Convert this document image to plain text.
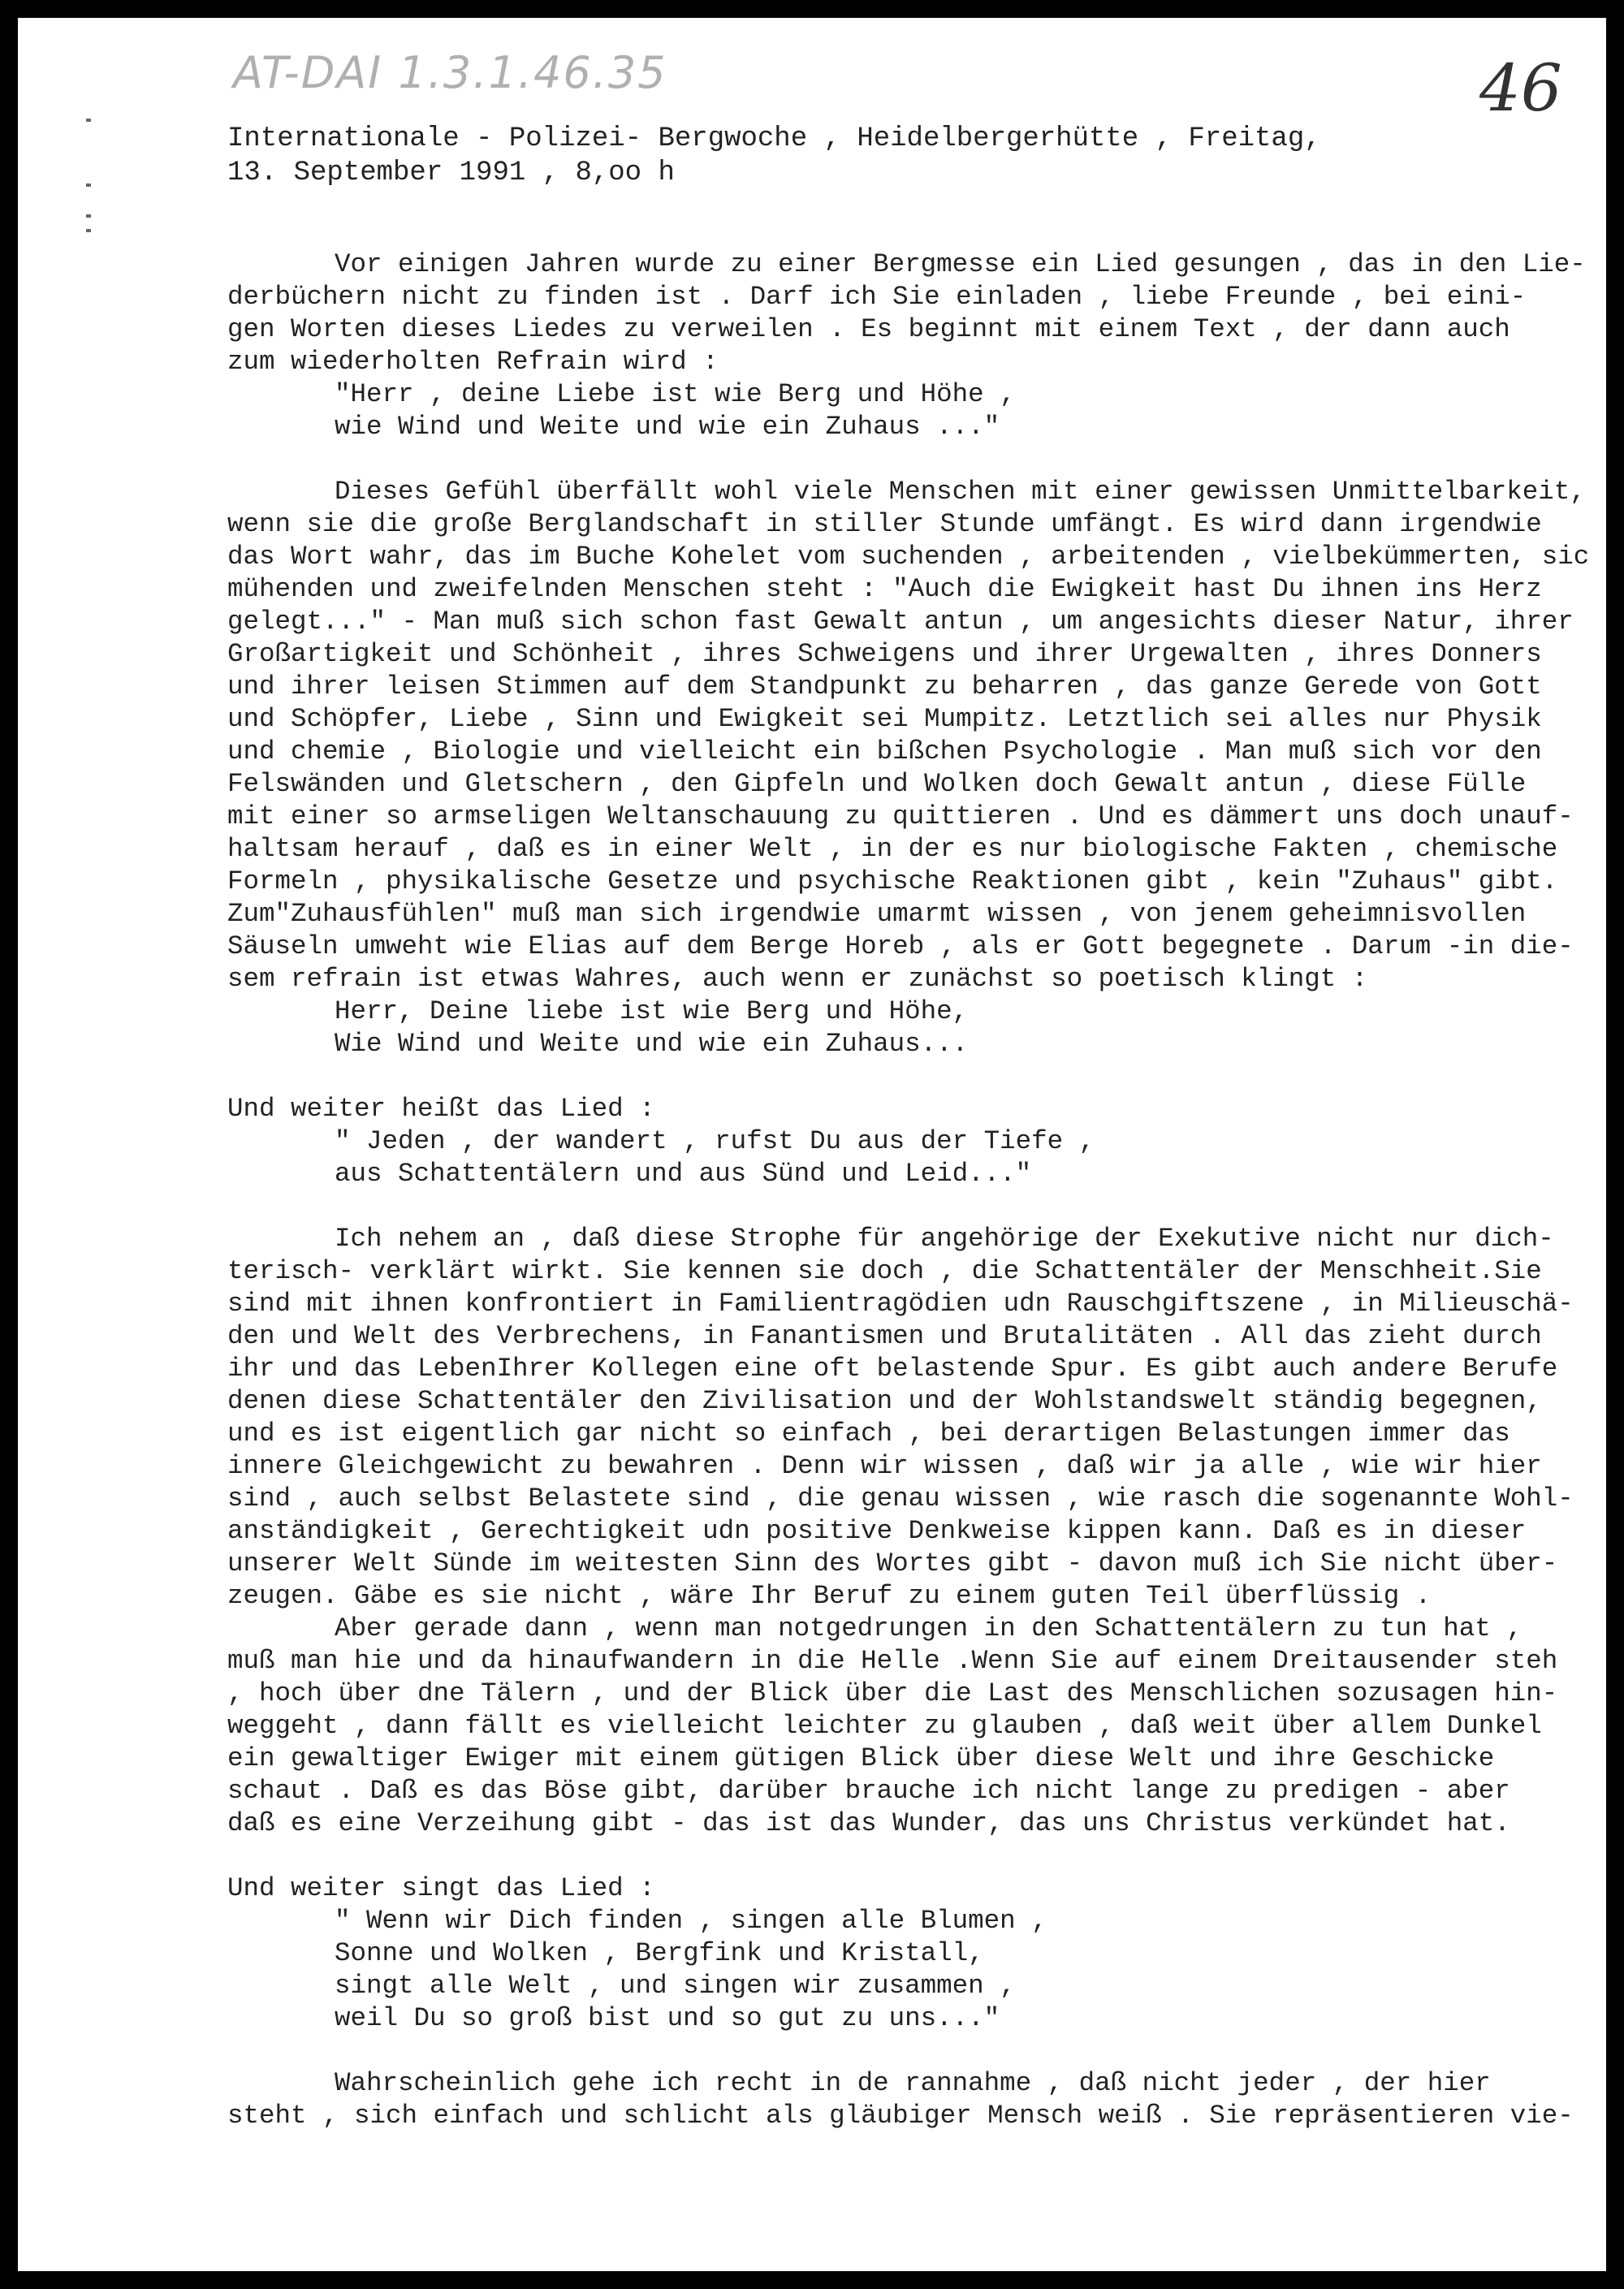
AT-DAI 1.3.1.46.35	46
Internationale - Polizei- Bergwoche , Heidelbergerhütte , Freitag,
13. September 1991 , 8,oo h
Vor einigen Jahren wurde zu einer Bergmesse ein Lied gesungen , das in den Lie-
derbüchern nicht zu finden ist . Darf ich Sie einladen , liebe Freunde , bei eini-
gen Worten dieses Liedes zu verweilen . Es beginnt mit einem Text , der dann auch
zum wiederholten Refrain wird :
"Herr , deine Liebe ist wie Berg und Höhe ,
wie Wind und Weite und wie ein Zuhaus ..."

Dieses Gefühl überfällt wohl viele Menschen mit einer gewissen Unmittelbarkeit,
wenn sie die große Berglandschaft in stiller Stunde umfängt. Es wird dann irgendwie
das Wort wahr, das im Buche Kohelet vom suchenden , arbeitenden , vielbekümmerten, sic
mühenden und zweifelnden Menschen steht : "Auch die Ewigkeit hast Du ihnen ins Herz
gelegt..." - Man muß sich schon fast Gewalt antun , um angesichts dieser Natur, ihrer
Großartigkeit und Schönheit , ihres Schweigens und ihrer Urgewalten , ihres Donners
und ihrer leisen Stimmen auf dem Standpunkt zu beharren , das ganze Gerede von Gott
und Schöpfer, Liebe , Sinn und Ewigkeit sei Mumpitz. Letztlich sei alles nur Physik
und chemie , Biologie und vielleicht ein bißchen Psychologie . Man muß sich vor den
Felswänden und Gletschern , den Gipfeln und Wolken doch Gewalt antun , diese Fülle
mit einer so armseligen Weltanschauung zu quittieren . Und es dämmert uns doch unauf-
haltsam herauf , daß es in einer Welt , in der es nur biologische Fakten , chemische
Formeln , physikalische Gesetze und psychische Reaktionen gibt , kein "Zuhaus" gibt.
Zum"Zuhausfühlen" muß man sich irgendwie umarmt wissen , von jenem geheimnisvollen
Säuseln umweht wie Elias auf dem Berge Horeb , als er Gott begegnete . Darum -in die-
sem refrain ist etwas Wahres, auch wenn er zunächst so poetisch klingt :
Herr, Deine liebe ist wie Berg und Höhe,
Wie Wind und Weite und wie ein Zuhaus...

Und weiter heißt das Lied :
" Jeden , der wandert , rufst Du aus der Tiefe ,
aus Schattentälern und aus Sünd und Leid..."

Ich nehem an , daß diese Strophe für angehörige der Exekutive nicht nur dich-
terisch- verklärt wirkt. Sie kennen sie doch , die Schattentäler der Menschheit.Sie
sind mit ihnen konfrontiert in Familientragödien udn Rauschgiftszene , in Milieuschä-
den und Welt des Verbrechens, in Fanantismen und Brutalitäten . All das zieht durch
ihr und das LebenIhrer Kollegen eine oft belastende Spur. Es gibt auch andere Berufe
denen diese Schattentäler den Zivilisation und der Wohlstandswelt ständig begegnen,
und es ist eigentlich gar nicht so einfach , bei derartigen Belastungen immer das
innere Gleichgewicht zu bewahren . Denn wir wissen , daß wir ja alle , wie wir hier
sind , auch selbst Belastete sind , die genau wissen , wie rasch die sogenannte Wohl-
anständigkeit , Gerechtigkeit udn positive Denkweise kippen kann. Daß es in dieser
unserer Welt Sünde im weitesten Sinn des Wortes gibt - davon muß ich Sie nicht über-
zeugen. Gäbe es sie nicht , wäre Ihr Beruf zu einem guten Teil überflüssig .
Aber gerade dann , wenn man notgedrungen in den Schattentälern zu tun hat ,
muß man hie und da hinaufwandern in die Helle .Wenn Sie auf einem Dreitausender steh
, hoch über dne Tälern , und der Blick über die Last des Menschlichen sozusagen hin-
weggeht , dann fällt es vielleicht leichter zu glauben , daß weit über allem Dunkel
ein gewaltiger Ewiger mit einem gütigen Blick über diese Welt und ihre Geschicke
schaut . Daß es das Böse gibt, darüber brauche ich nicht lange zu predigen - aber
daß es eine Verzeihung gibt - das ist das Wunder, das uns Christus verkündet hat.

Und weiter singt das Lied :
" Wenn wir Dich finden , singen alle Blumen ,
Sonne und Wolken , Bergfink und Kristall,
singt alle Welt , und singen wir zusammen ,
weil Du so groß bist und so gut zu uns..."

Wahrscheinlich gehe ich recht in de rannahme , daß nicht jeder , der hier
steht , sich einfach und schlicht als gläubiger Mensch weiß . Sie repräsentieren vie-
